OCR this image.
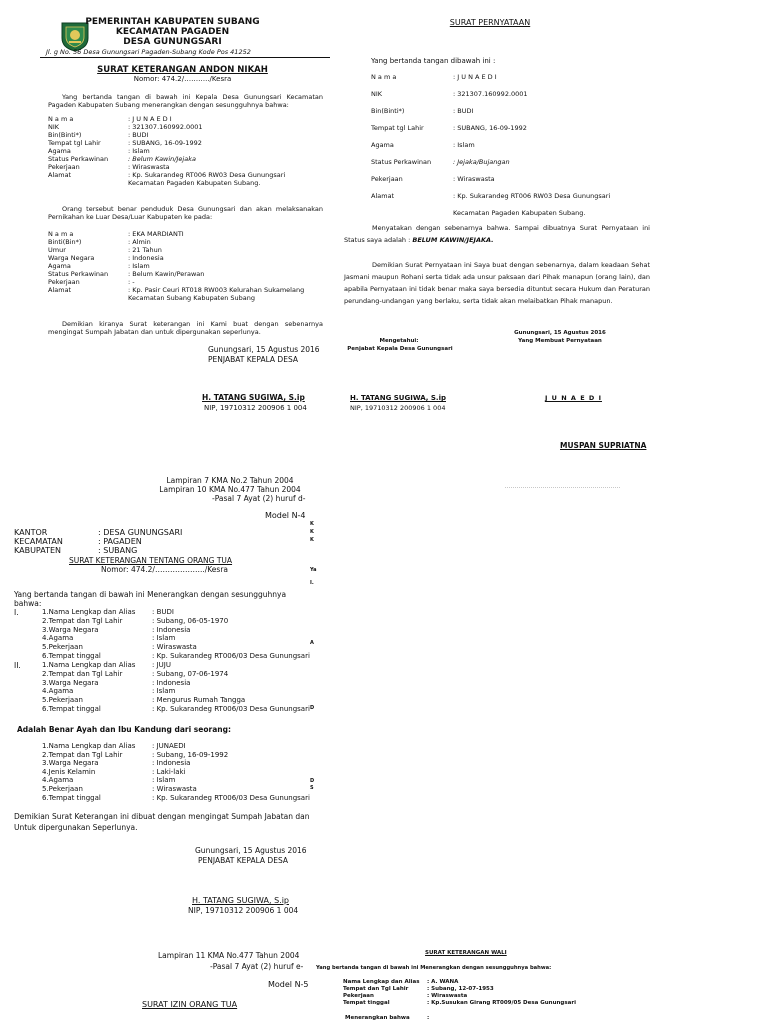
PEMERINTAH KABUPATEN SUBANG
KECAMATAN PAGADEN
DESA GUNUNGSARI
Jl. g No. 56 Desa Gunungsari Pagaden-Subang Kode Pos 41252
SURAT KETERANGAN ANDON NIKAH
Nomor: 474.2/………../Kesra
Yang bertanda tangan di bawah ini Kepala Desa Gunungsari Kecamatan Pagaden Kabupaten Subang menerangkan dengan sesungguhnya bahwa:
N a m a	: J U N A E D I
NIK	: 321307.160992.0001
Bin(Binti*)	: BUDI
Tempat tgl Lahir	: SUBANG, 16-09-1992
Agama	: Islam
Status Perkawinan	: Belum Kawin/Jejaka
Pekerjaan	: Wiraswasta
Alamat	: Kp. Sukarandeg RT006 RW03 Desa Gunungsari
Kecamatan Pagaden Kabupaten Subang.
Orang tersebut benar penduduk Desa Gunungsari dan akan melaksanakan Pernikahan ke Luar Desa/Luar Kabupaten ke pada:
N a m a	: EKA MARDIANTI
Binti(Bin*)	: Almin
Umur	: 21 Tahun
Warga Negara	: Indonesia
Agama	: Islam
Status Perkawinan	: Belum Kawin/Perawan
Pekerjaan	: -
Alamat	: Kp. Pasir Ceuri RT018 RW003 Kelurahan Sukamelang
Kecamatan Subang Kabupaten Subang
Demikian kiranya Surat keterangan ini Kami buat dengan sebenarnya mengingat Sumpah Jabatan dan untuk dipergunakan seperlunya.
Gunungsari, 15 Agustus 2016
PENJABAT KEPALA DESA
H. TATANG SUGIWA, S.ip
NIP, 19710312 200906 1 004
SURAT PERNYATAAN
Yang bertanda tangan dibawah ini :
N a m a	: J U N A E D I
NIK	: 321307.160992.0001
Bin(Binti*)	: BUDI
Tempat tgl Lahir	: SUBANG, 16-09-1992
Agama	: Islam
Status Perkawinan	: Jejaka/Bujangan
Pekerjaan	: Wiraswasta
Alamat	: Kp. Sukarandeg RT006 RW03 Desa Gunungsari
Kecamatan Pagaden Kabupaten Subang.
Menyatakan dengan sebenarnya bahwa. Sampai dibuatnya Surat Pernyataan ini Status saya adalah : BELUM KAWIN/JEJAKA.
Demikian Surat Pernyataan ini Saya buat dengan sebenarnya, dalam keadaan Sehat Jasmani maupun Rohani serta tidak ada unsur paksaan dari Pihak manapun (orang lain), dan apabila Pernyataan ini tidak benar maka saya bersedia dituntut secara Hukum dan Peraturan perundang-undangan yang berlaku, serta tidak akan melaibatkan Pihak manapun.
Mengetahui:
Penjabat Kepala Desa Gunungsari
Gunungsari, 15 Agustus 2016
Yang Membuat Pernyataan
H. TATANG SUGIWA, S.ip
NIP, 19710312 200906 1 004
J U N A E D I
MUSPAN SUPRIATNA
Lampiran 7 KMA No.2 Tahun 2004
Lampiran 10 KMA No.477 Tahun 2004
-Pasal 7 Ayat (2) huruf d-
Model N-4
KANTOR	: DESA GUNUNGSARI
KECAMATAN	: PAGADEN
KABUPATEN	: SUBANG
SURAT KETERANGAN TENTANG ORANG TUA
Nomor: 474.2/………………../Kesra
Yang bertanda tangan di bawah ini Menerangkan dengan sesungguhnya bahwa:
I.	1.Nama Lengkap dan Alias : BUDI
2.Tempat dan Tgl Lahir	: Subang, 06-05-1970
3.Warga Negara	: Indonesia
4.Agama	: Islam
5.Pekerjaan	: Wiraswasta
6.Tempat tinggal	: Kp. Sukarandeg RT006/03 Desa Gunungsari
II.	1.Nama Lengkap dan Alias : JUJU
2.Tempat dan Tgl Lahir	: Subang, 07-06-1974
3.Warga Negara	: Indonesia
4.Agama	: Islam
5.Pekerjaan	: Mengurus Rumah Tangga
6.Tempat tinggal	: Kp. Sukarandeg RT006/03 Desa Gunungsari
Adalah Benar Ayah dan Ibu Kandung dari seorang:
1.Nama Lengkap dan Alias : JUNAEDI
2.Tempat dan Tgl Lahir	: Subang, 16-09-1992
3.Warga Negara	: Indonesia
4.Jenis Kelamin	: Laki-laki
4.Agama	: Islam
5.Pekerjaan	: Wiraswasta
6.Tempat tinggal	: Kp. Sukarandeg RT006/03 Desa Gunungsari
Demikian Surat Keterangan ini dibuat dengan mengingat Sumpah Jabatan dan Untuk dipergunakan Seperlunya.
Gunungsari, 15 Agustus 2016
PENJABAT KEPALA DESA
H. TATANG SUGIWA, S.ip
NIP, 19710312 200906 1 004
Lampiran 11 KMA No.477 Tahun 2004
-Pasal 7 Ayat (2) huruf e-
Model N-5
SURAT IZIN ORANG TUA
SURAT KETERANGAN WALI
Yang bertanda tangan di bawah ini Menerangkan dengan sesungguhnya bahwa:
Nama Lengkap dan Alias : A. WANA
Tempat dan Tgl Lahir	: Subang, 12-07-1953
Pekerjaan	: Wiraswasta
Tempat tinggal	: Kp.Susukan Girang RT009/05 Desa Gunungsari
Menerangkan bahwa	:
K
K
K
Ya
I.
A
D
D
S
